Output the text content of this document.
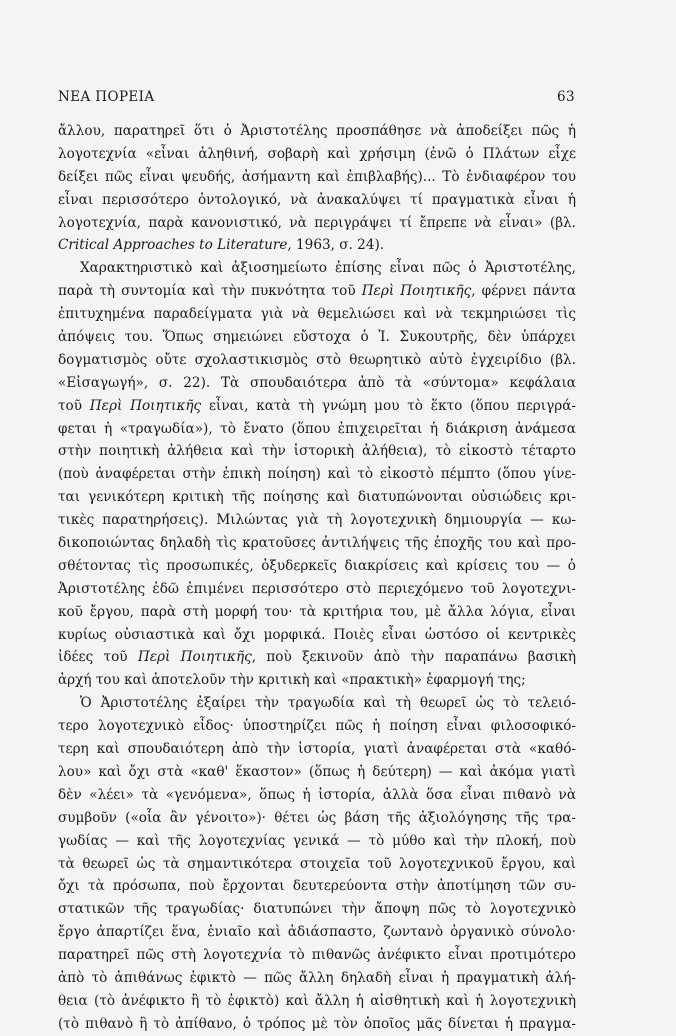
ΝΕΑ ΠΟΡΕΙΑ	63
ἄλλου, παρατηρεῖ ὅτι ὁ Ἀριστοτέλης προσπάθησε νὰ ἀποδείξει πῶς ἡ
λογοτεχνία «εἶναι ἀληθινή, σοβαρὴ καὶ χρήσιμη (ἐνῶ ὁ Πλάτων εἶχε
δείξει πῶς εἶναι ψευδής, ἀσήμαντη καὶ ἐπιβλαβής)... Τὸ ἐνδιαφέρον του
εἶναι περισσότερο ὀντολογικό, νὰ ἀνακαλύψει τί πραγματικὰ εἶναι ἡ
λογοτεχνία, παρὰ κανονιστικό, νὰ περιγράψει τί ἔπρεπε νὰ εἶναι» (βλ.
Critical Approaches to Literature, 1963, σ. 24).
Χαρακτηριστικὸ καὶ ἀξιοσημείωτο ἐπίσης εἶναι πῶς ὁ Ἀριστοτέλης,
παρὰ τὴ συντομία καὶ τὴν πυκνότητα τοῦ Περὶ Ποιητικῆς, φέρνει πάντα
ἐπιτυχημένα παραδείγματα γιὰ νὰ θεμελιώσει καὶ νὰ τεκμηριώσει τὶς
ἀπόψεις του. Ὅπως σημειώνει εὔστοχα ὁ Ἰ. Συκουτρῆς, δὲν ὑπάρχει
δογματισμὸς οὔτε σχολαστικισμὸς στὸ θεωρητικὸ αὐτὸ ἐγχειρίδιο (βλ.
«Εἰσαγωγή», σ. 22). Τὰ σπουδαιότερα ἀπὸ τὰ «σύντομα» κεφάλαια
τοῦ Περὶ Ποιητικῆς εἶναι, κατὰ τὴ γνώμη μου τὸ ἕκτο (ὅπου περιγρά-
φεται ἡ «τραγωδία»), τὸ ἔνατο (ὅπου ἐπιχειρεῖται ἡ διάκριση ἀνάμεσα
στὴν ποιητικὴ ἀλήθεια καὶ τὴν ἱστορικὴ ἀλήθεια), τὸ εἰκοστὸ τέταρτο
(ποὺ ἀναφέρεται στὴν ἐπικὴ ποίηση) καὶ τὸ εἰκοστὸ πέμπτο (ὅπου γίνε-
ται γενικότερη κριτικὴ τῆς ποίησης καὶ διατυπώνονται οὐσιώδεις κρι-
τικὲς παρατηρήσεις). Μιλώντας γιὰ τὴ λογοτεχνικὴ δημιουργία — κω-
δικοποιώντας δηλαδὴ τὶς κρατοῦσες ἀντιλήψεις τῆς ἐποχῆς του καὶ προ-
σθέτοντας τὶς προσωπικές, ὀξυδερκεῖς διακρίσεις καὶ κρίσεις του — ὁ
Ἀριστοτέλης ἐδῶ ἐπιμένει περισσότερο στὸ περιεχόμενο τοῦ λογοτεχνι-
κοῦ ἔργου, παρὰ στὴ μορφή του· τὰ κριτήρια του, μὲ ἄλλα λόγια, εἶναι
κυρίως οὐσιαστικὰ καὶ ὄχι μορφικά. Ποιὲς εἶναι ὡστόσο οἱ κεντρικὲς
ἰδέες τοῦ Περὶ Ποιητικῆς, ποὺ ξεκινοῦν ἀπὸ τὴν παραπάνω βασικὴ
ἀρχή του καὶ ἀποτελοῦν τὴν κριτικὴ καὶ «πρακτικὴ» ἐφαρμογή της;
Ὁ Ἀριστοτέλης ἐξαίρει τὴν τραγωδία καὶ τὴ θεωρεῖ ὡς τὸ τελειό-
τερο λογοτεχνικὸ εἶδος· ὑποστηρίζει πῶς ἡ ποίηση εἶναι φιλοσοφικό-
τερη καὶ σπουδαιότερη ἀπὸ τὴν ἱστορία, γιατὶ ἀναφέρεται στὰ «καθό-
λου» καὶ ὄχι στὰ «καθ' ἕκαστον» (ὅπως ἡ δεύτερη) — καὶ ἀκόμα γιατὶ
δὲν «λέει» τὰ «γενόμενα», ὅπως ἡ ἱστορία, ἀλλὰ ὅσα εἶναι πιθανὸ νὰ
συμβοῦν («οἷα ἂν γένοιτο»)· θέτει ὡς βάση τῆς ἀξιολόγησης τῆς τρα-
γωδίας — καὶ τῆς λογοτεχνίας γενικά — τὸ μύθο καὶ τὴν πλοκή, ποὺ
τὰ θεωρεῖ ὡς τὰ σημαντικότερα στοιχεῖα τοῦ λογοτεχνικοῦ ἔργου, καὶ
ὄχι τὰ πρόσωπα, ποὺ ἔρχονται δευτερεύοντα στὴν ἀποτίμηση τῶν συ-
στατικῶν τῆς τραγωδίας· διατυπώνει τὴν ἄποψη πῶς τὸ λογοτεχνικὸ
ἔργο ἀπαρτίζει ἕνα, ἑνιαῖο καὶ ἀδιάσπαστο, ζωντανὸ ὀργανικὸ σύνολο·
παρατηρεῖ πῶς στὴ λογοτεχνία τὸ πιθανῶς ἀνέφικτο εἶναι προτιμότερο
ἀπὸ τὸ ἀπιθάνως ἐφικτὸ — πῶς ἄλλη δηλαδὴ εἶναι ἡ πραγματικὴ ἀλή-
θεια (τὸ ἀνέφικτο ἢ τὸ ἐφικτὸ) καὶ ἄλλη ἡ αἰσθητικὴ καὶ ἡ λογοτεχνικὴ
(τὸ πιθανὸ ἢ τὸ ἀπίθανο, ὁ τρόπος μὲ τὸν ὁποῖος μᾶς δίνεται ἡ πραγμα-
